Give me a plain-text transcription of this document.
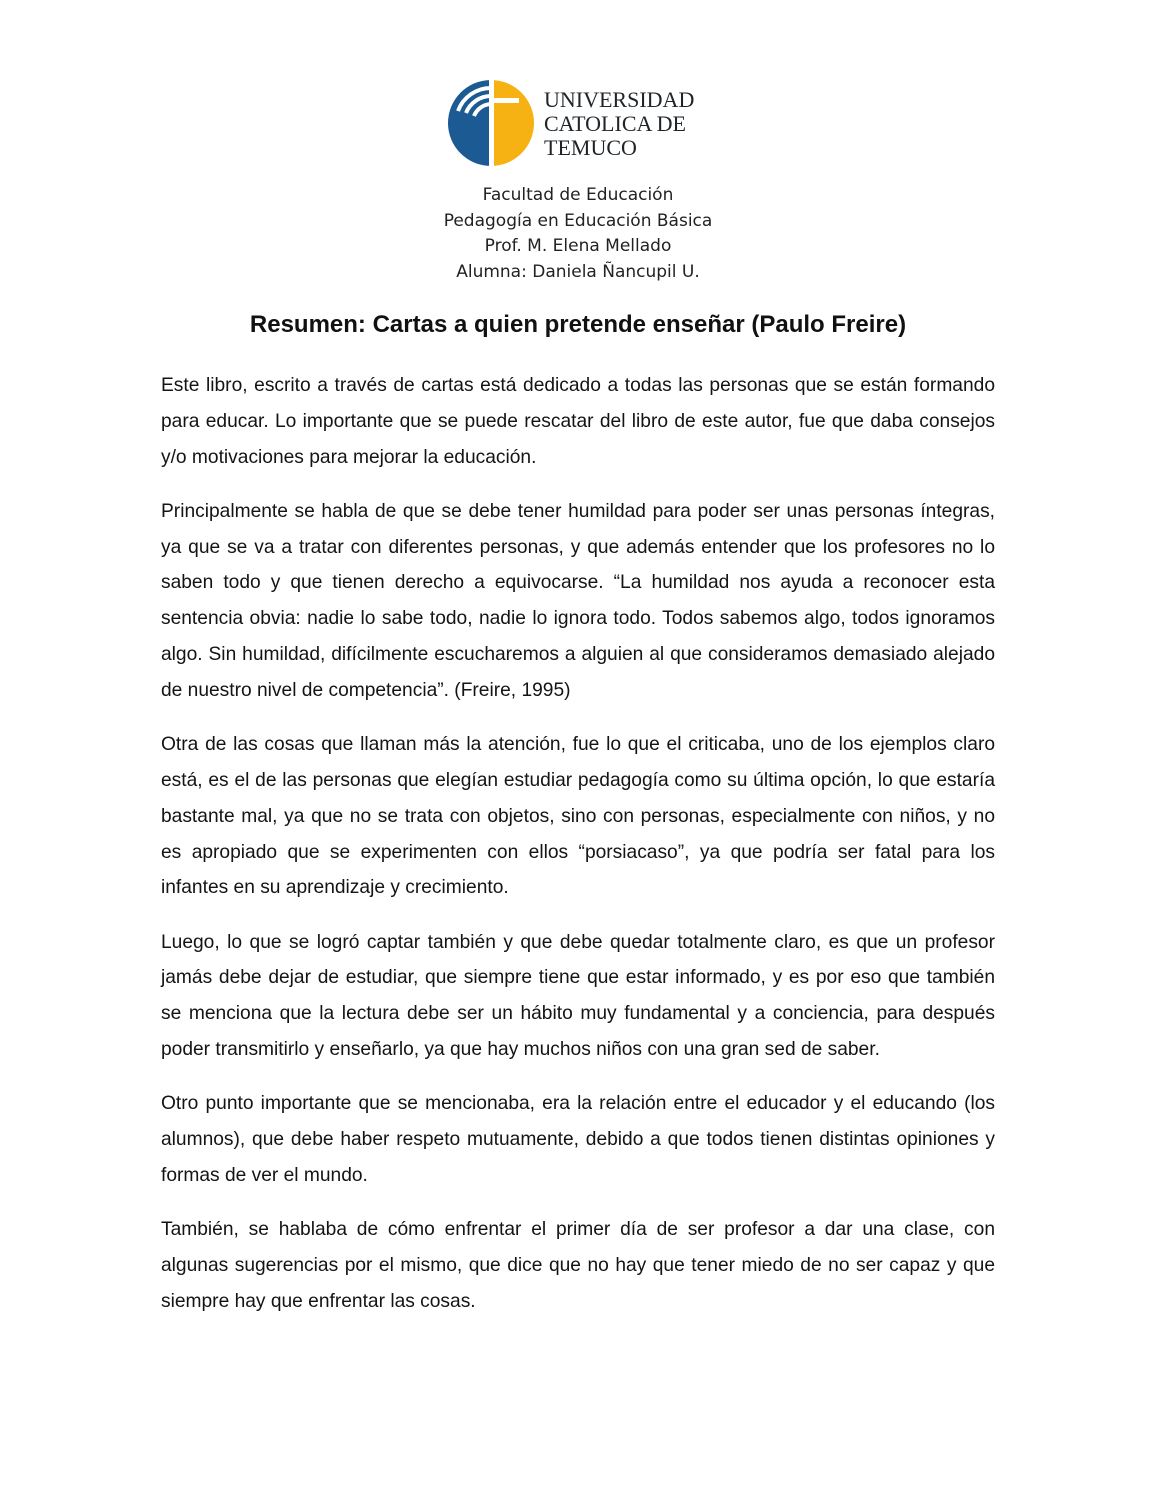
UNIVERSIDAD
CATOLICA DE
TEMUCO
Facultad de Educación
Pedagogía en Educación Básica
Prof. M. Elena Mellado
Alumna: Daniela Ñancupil U.
Resumen: Cartas a quien pretende enseñar (Paulo Freire)

Este libro, escrito a través de cartas está dedicado a todas las personas que se están formando para educar. Lo importante que se puede rescatar del libro de este autor, fue que daba consejos y/o motivaciones para mejorar la educación.

Principalmente se habla de que se debe tener humildad para poder ser unas personas íntegras, ya que se va a tratar con diferentes personas, y que además entender que los profesores no lo saben todo y que tienen derecho a equivocarse. “La humildad nos ayuda a reconocer esta sentencia obvia: nadie lo sabe todo, nadie lo ignora todo. Todos sabemos algo, todos ignoramos algo. Sin humildad, difícilmente escucharemos a alguien al que consideramos demasiado alejado de nuestro nivel de competencia”. (Freire, 1995)

Otra de las cosas que llaman más la atención, fue lo que el criticaba, uno de los ejemplos claro está, es el de las personas que elegían estudiar pedagogía como su última opción, lo que estaría bastante mal, ya que no se trata con objetos, sino con personas, especialmente con niños, y no es apropiado que se experimenten con ellos “porsiacaso”, ya que podría ser fatal para los infantes en su aprendizaje y crecimiento.

Luego, lo que se logró captar también y que debe quedar totalmente claro, es que un profesor jamás debe dejar de estudiar, que siempre tiene que estar informado, y es por eso que también se menciona que la lectura debe ser un hábito muy fundamental y a conciencia, para después poder transmitirlo y enseñarlo, ya que hay muchos niños con una gran sed de saber.

Otro punto importante que se mencionaba, era la relación entre el educador y el educando (los alumnos), que debe haber respeto mutuamente, debido a que todos tienen distintas opiniones y formas de ver el mundo.

También, se hablaba de cómo enfrentar el primer día de ser profesor a dar una clase, con algunas sugerencias por el mismo, que dice que no hay que tener miedo de no ser capaz y que siempre hay que enfrentar las cosas.
